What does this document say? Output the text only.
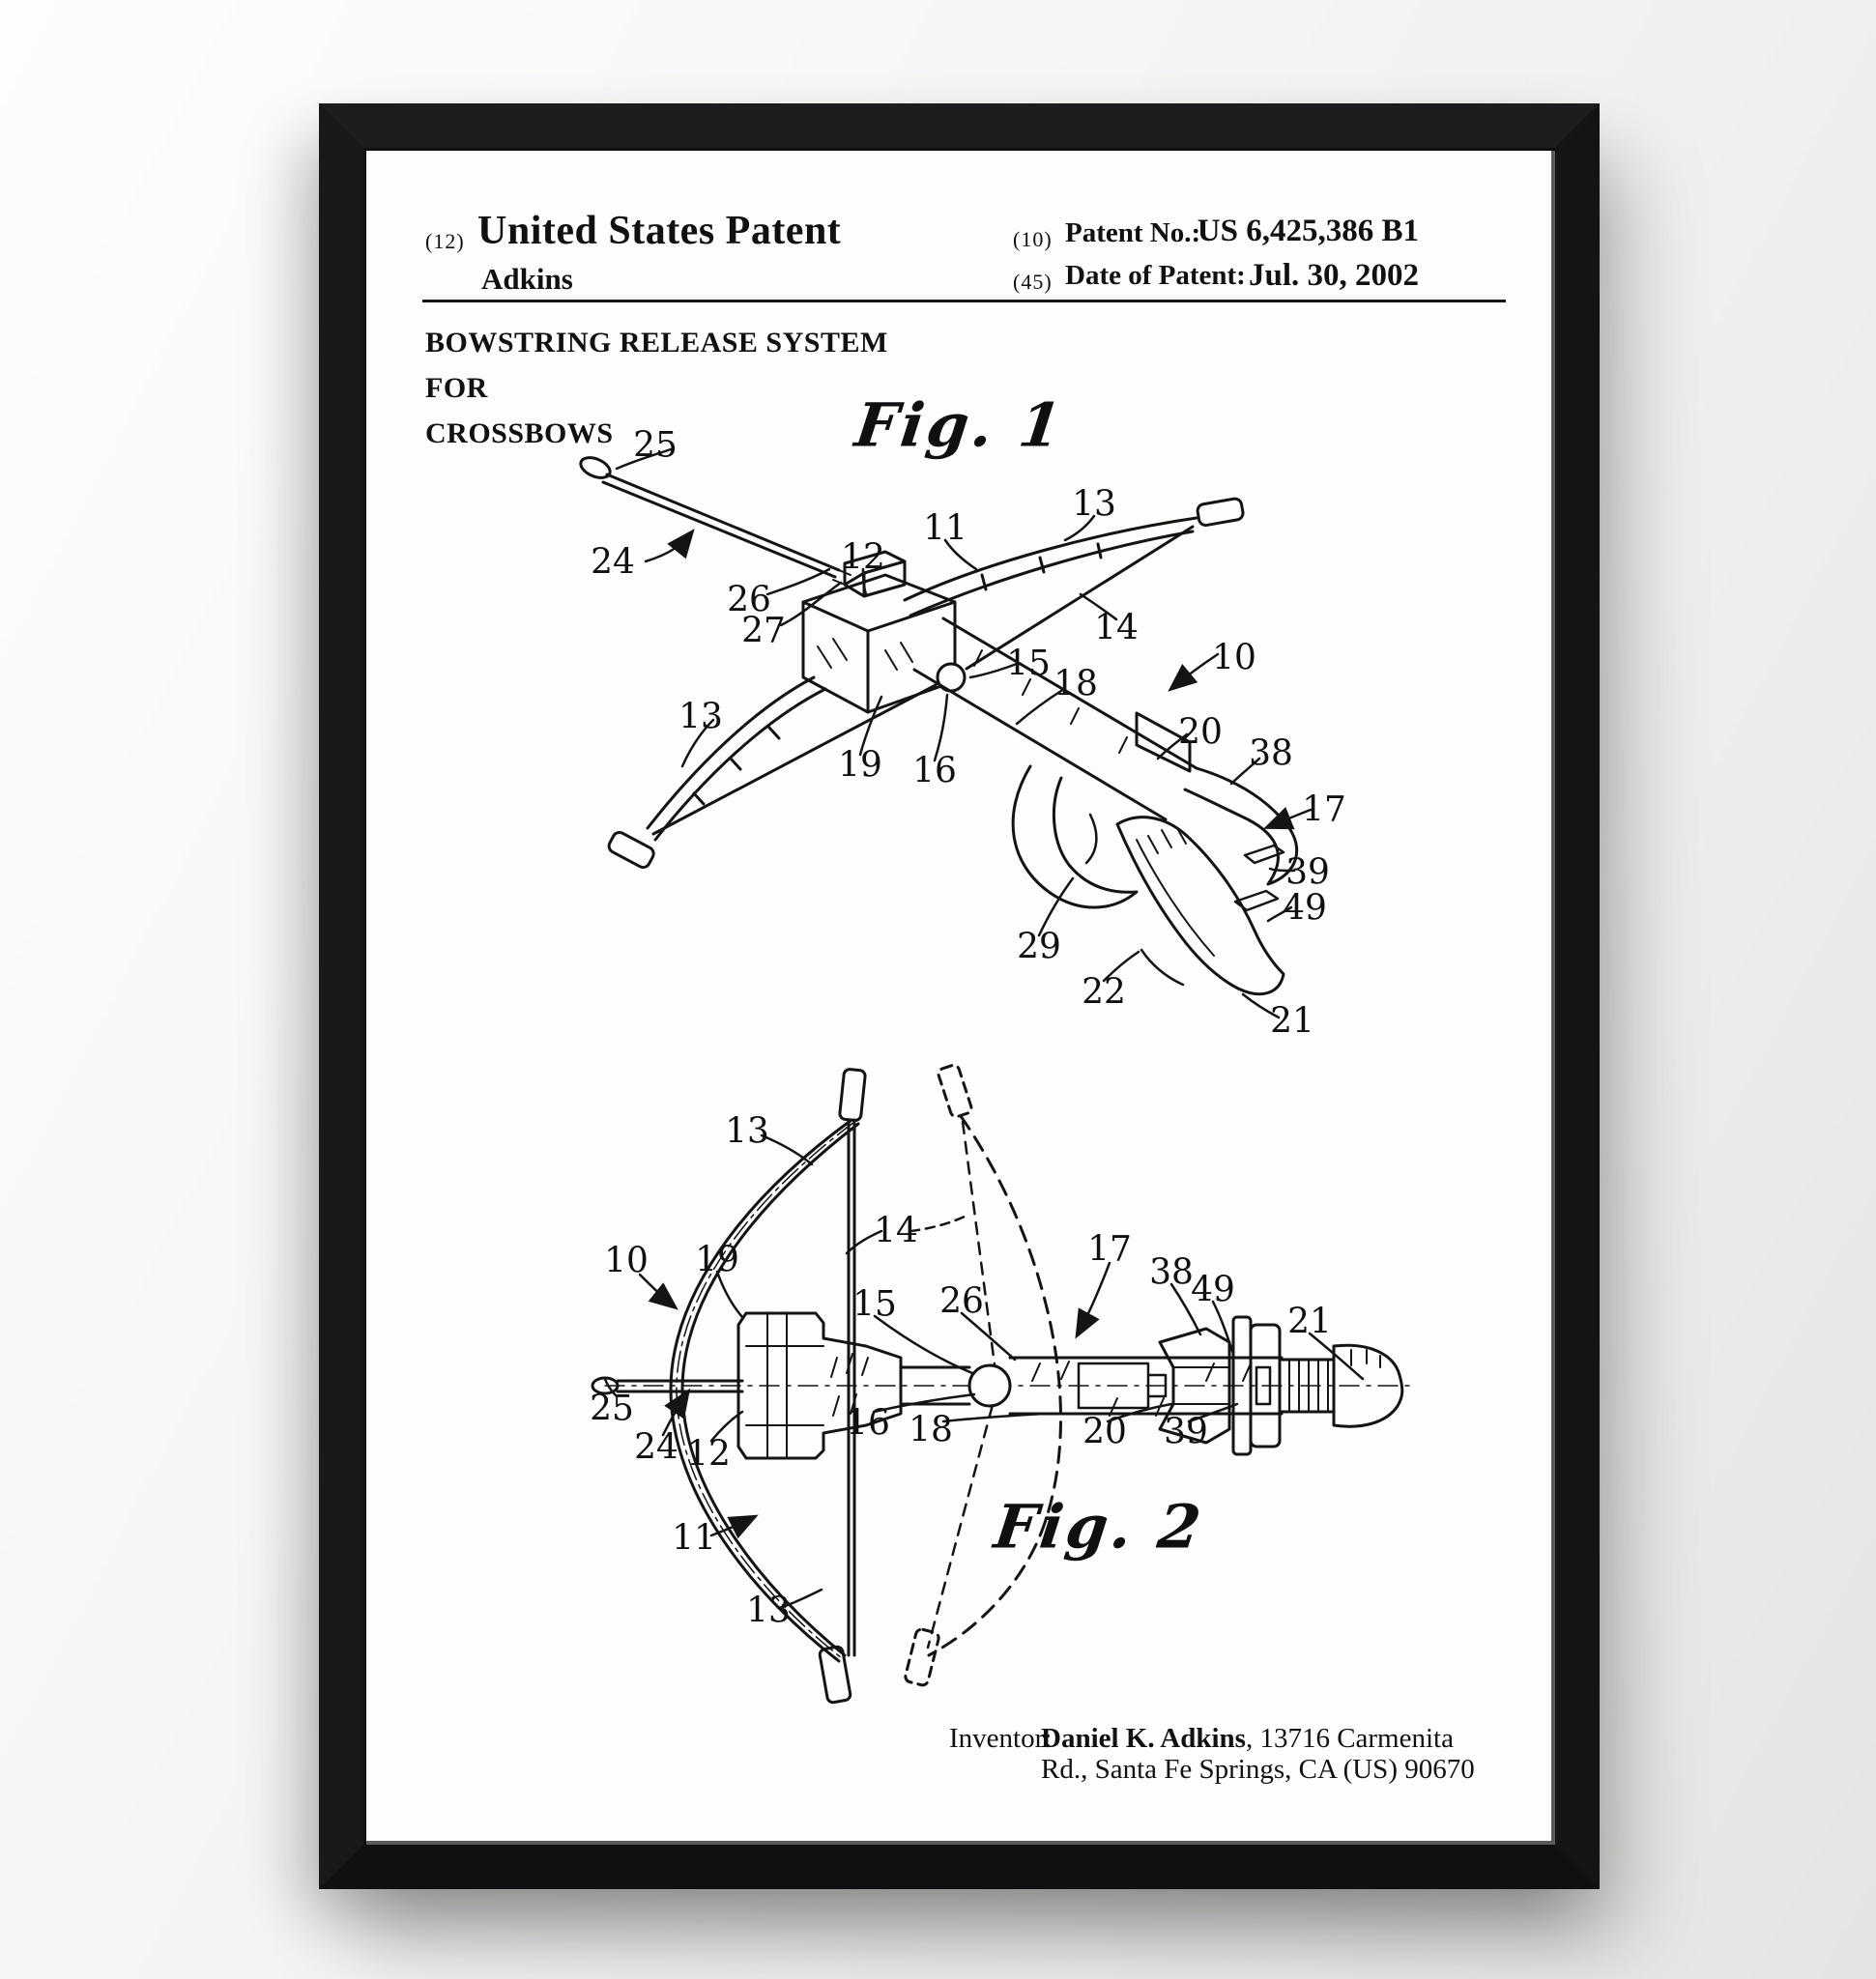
(12) United States Patent
Adkins
(10) Patent No.:
US 6,425,386 B1
(45) Date of Patent: Jul. 30, 2002
BOWSTRING RELEASE SYSTEM FOR
CROSSBOWS	Fig. 1
Fig. 2
25
24
26
27
12
11
13
14
15
18
10
13
19 16
20
38
17
39
49
29
22
21
13
14
10 19
15 26
17
38
49
21
25
24 12
16 18	20 39
11
13
Inventor:
Daniel K. Adkins, 13716 Carmenita
Rd., Santa Fe Springs, CA (US) 90670
